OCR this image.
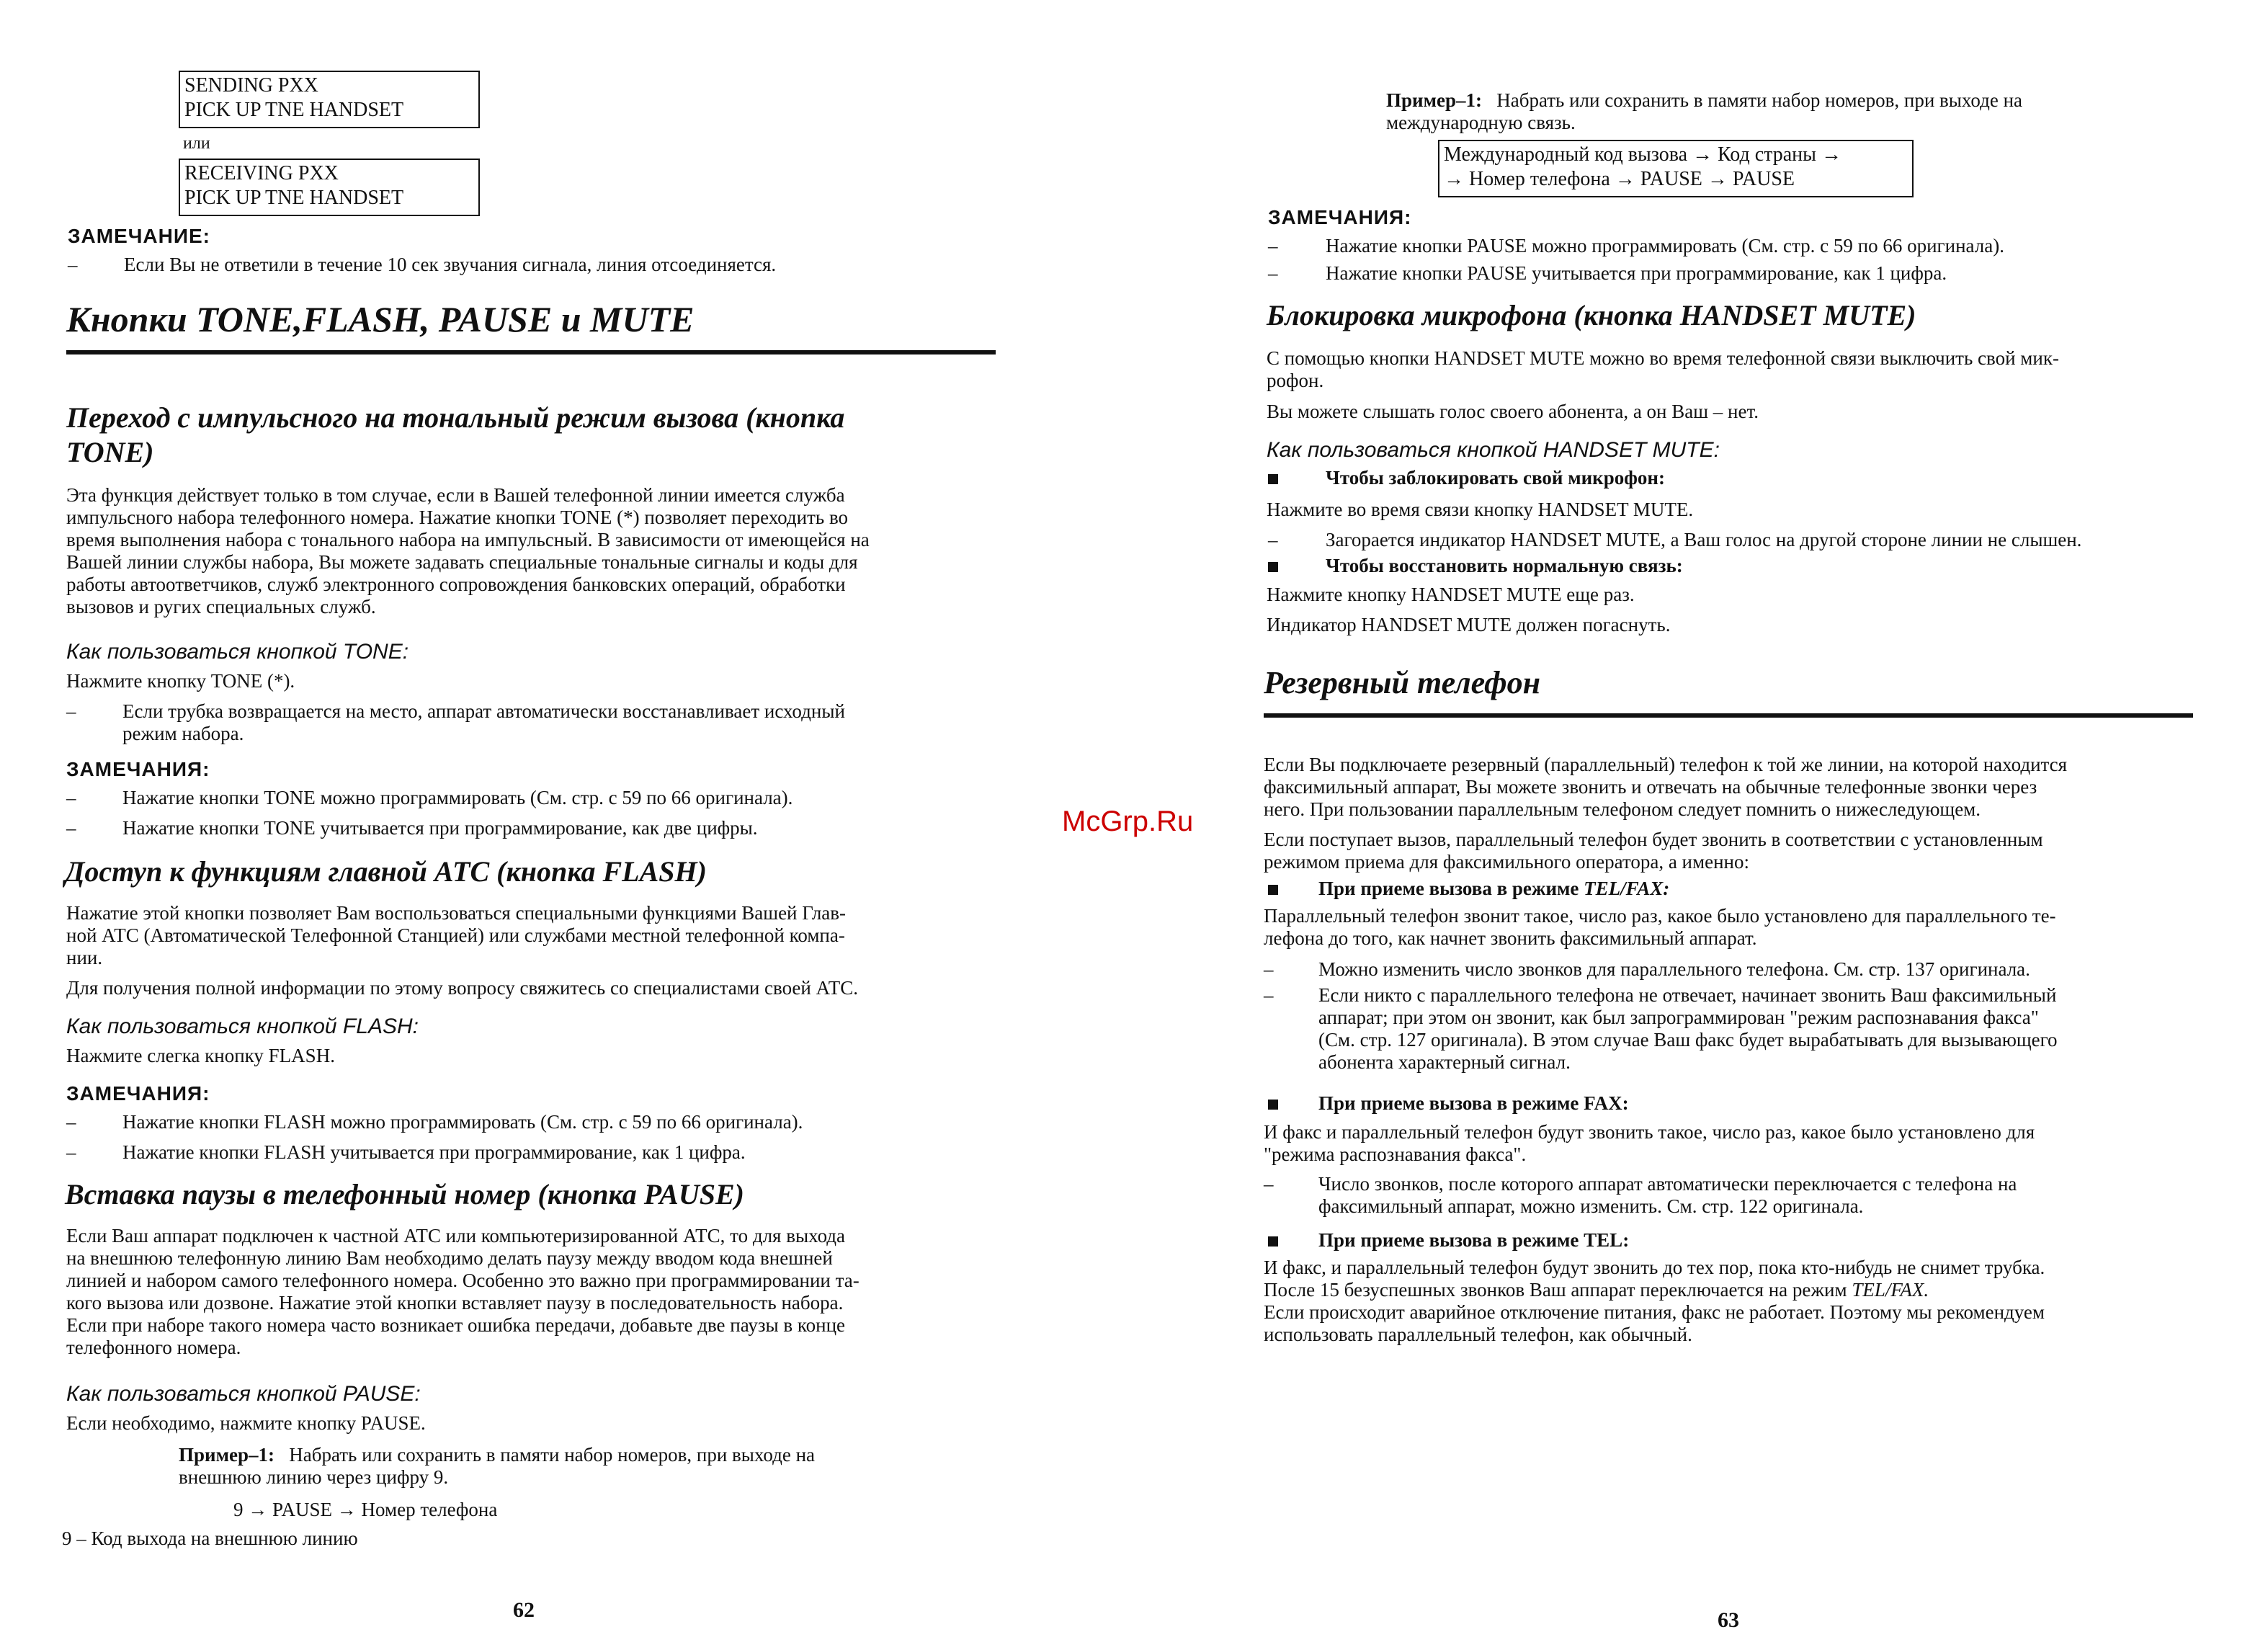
SENDING PXX
PICK UP TNE HANDSET
или
RECEIVING PXX
PICK UP TNE HANDSET
ЗАМЕЧАНИЕ:
– Если Вы не ответили в течение 10 сек звучания сигнала, линия отсоединяется.
Кнопки TONE,FLASH, PAUSE и MUTE
Переход с импульсного на тональный режим вызова (кнопка
TONE)
Эта функция действует только в том случае, если в Вашей телефонной линии имеется служба
импульсного набора телефонного номера. Нажатие кнопки TONE (*) позволяет переходить во
время выполнения набора с тонального набора на импульсный. В зависимости от имеющейся на
Вашей линии службы набора, Вы можете задавать специальные тональные сигналы и коды для
работы автоответчиков, служб электронного сопровождения банковских операций, обработки
вызовов и ругих специальных служб.
Как пользоваться кнопкой TONE:
Нажмите кнопку TONE (*).
– Если трубка возвращается на место, аппарат автоматически восстанавливает исходный
режим набора.
ЗАМЕЧАНИЯ:
– Нажатие кнопки TONE можно программировать (См. стр. с 59 по 66 оригинала).
– Нажатие кнопки TONE учитывается при программирование, как две цифры.
Доступ к функциям главной АТС (кнопка FLASH)
Нажатие этой кнопки позволяет Вам воспользоваться специальными функциями Вашей Глав-
ной АТС (Автоматической Телефонной Станцией) или службами местной телефонной компа-
нии.
Для получения полной информации по этому вопросу свяжитесь со специалистами своей АТС.
Как пользоваться кнопкой FLASH:
Нажмите слегка кнопку FLASH.
ЗАМЕЧАНИЯ:
– Нажатие кнопки FLASH можно программировать (См. стр. с 59 по 66 оригинала).
– Нажатие кнопки FLASH учитывается при программирование, как 1 цифра.
Вставка паузы в телефонный номер (кнопка PAUSE)
Если Ваш аппарат подключен к частной АТС или компьютеризированной АТС, то для выхода
на внешнюю телефонную линию Вам необходимо делать паузу между вводом кода внешней
линией и набором самого телефонного номера. Особенно это важно при программировании та-
кого вызова или дозвоне. Нажатие этой кнопки вставляет паузу в последовательность набора.
Если при наборе такого номера часто возникает ошибка передачи, добавьте две паузы в конце
телефонного номера.
Как пользоваться кнопкой PAUSE:
Если необходимо, нажмите кнопку PAUSE.
Пример–1: Набрать или сохранить в памяти набор номеров, при выходе на
внешнюю линию через цифру 9.
9 → PAUSE → Номер телефона
9 – Код выхода на внешнюю линию
62
McGrp.Ru
Пример–1: Набрать или сохранить в памяти набор номеров, при выходе на
международную связь.
Международный код вызова → Код страны →
→ Номер телефона → PAUSE → PAUSE
ЗАМЕЧАНИЯ:
– Нажатие кнопки PAUSE можно программировать (См. стр. с 59 по 66 оригинала).
– Нажатие кнопки PAUSE учитывается при программирование, как 1 цифра.
Блокировка микрофона (кнопка HANDSET MUTE)
С помощью кнопки HANDSET MUTE можно во время телефонной связи выключить свой мик-
рофон.
Вы можете слышать голос своего абонента, а он Ваш – нет.
Как пользоваться кнопкой HANDSET MUTE:
Чтобы заблокировать свой микрофон:
Нажмите во время связи кнопку HANDSET MUTE.
– Загорается индикатор HANDSET MUTE, а Ваш голос на другой стороне линии не слышен.
Чтобы восстановить нормальную связь:
Нажмите кнопку HANDSET MUTE еще раз.
Индикатор HANDSET MUTE должен погаснуть.
Резервный телефон
Если Вы подключаете резервный (параллельный) телефон к той же линии, на которой находится
факсимильный аппарат, Вы можете звонить и отвечать на обычные телефонные звонки через
него. При пользовании параллельным телефоном следует помнить о нижеследующем.
Если поступает вызов, параллельный телефон будет звонить в соответствии с установленным
режимом приема для факсимильного оператора, а именно:
При приеме вызова в режиме TEL/FAX:
Параллельный телефон звонит такое, число раз, какое было установлено для параллельного те-
лефона до того, как начнет звонить факсимильный аппарат.
– Можно изменить число звонков для параллельного телефона. См. стр. 137 оригинала.
– Если никто с параллельного телефона не отвечает, начинает звонить Ваш факсимильный
аппарат; при этом он звонит, как был запрограммирован "режим распознавания факса"
(См. стр. 127 оригинала). В этом случае Ваш факс будет вырабатывать для вызывающего
абонента характерный сигнал.
При приеме вызова в режиме FAX:
И факс и параллельный телефон будут звонить такое, число раз, какое было установлено для
"режима распознавания факса".
– Число звонков, после которого аппарат автоматически переключается с телефона на
факсимильный аппарат, можно изменить. См. стр. 122 оригинала.
При приеме вызова в режиме TEL:
И факс, и параллельный телефон будут звонить до тех пор, пока кто-нибудь не снимет трубка.
После 15 безуспешных звонков Ваш аппарат переключается на режим TEL/FAX.
Если происходит аварийное отключение питания, факс не работает. Поэтому мы рекомендуем
использовать параллельный телефон, как обычный.
63
